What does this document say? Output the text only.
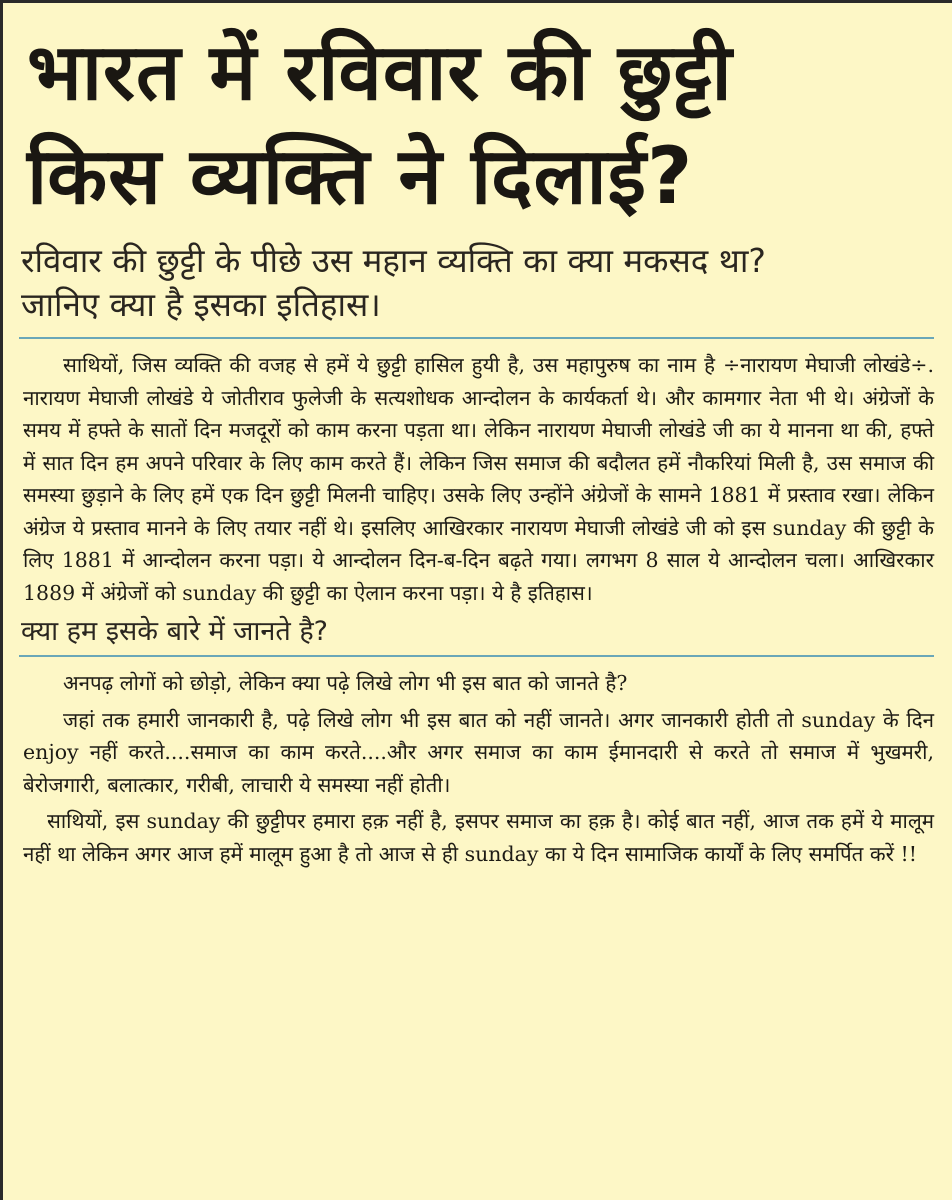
भारत में रविवार की छुट्टी
किस व्यक्ति ने दिलाई?
रविवार की छुट्टी के पीछे उस महान व्यक्ति का क्या मकसद था?
जानिए क्या है इसका इतिहास।

साथियों, जिस व्यक्ति की वजह से हमें ये छुट्टी हासिल हुयी है, उस महापुरुष का नाम है ÷नारायण मेघाजी लोखंडे÷. नारायण मेघाजी लोखंडे ये जोतीराव फुलेजी के सत्यशोधक आन्दोलन के कार्यकर्ता थे। और कामगार नेता भी थे। अंग्रेजों के समय में हफ्ते के सातों दिन मजदूरों को काम करना पड़ता था। लेकिन नारायण मेघाजी लोखंडे जी का ये मानना था की, हफ्ते में सात दिन हम अपने परिवार के लिए काम करते हैं। लेकिन जिस समाज की बदौलत हमें नौकरियां मिली है, उस समाज की समस्या छुड़ाने के लिए हमें एक दिन छुट्टी मिलनी चाहिए। उसके लिए उन्होंने अंग्रेजों के सामने 1881 में प्रस्ताव रखा। लेकिन अंग्रेज ये प्रस्ताव मानने के लिए तयार नहीं थे। इसलिए आखिरकार नारायण मेघाजी लोखंडे जी को इस sunday की छुट्टी के लिए 1881 में आन्दोलन करना पड़ा। ये आन्दोलन दिन-ब-दिन बढ़ते गया। लगभग 8 साल ये आन्दोलन चला। आखिरकार 1889 में अंग्रेजों को sunday की छुट्टी का ऐलान करना पड़ा। ये है इतिहास।

क्या हम इसके बारे में जानते है?

अनपढ़ लोगों को छोड़ो, लेकिन क्या पढ़े लिखे लोग भी इस बात को जानते है?

जहां तक हमारी जानकारी है, पढ़े लिखे लोग भी इस बात को नहीं जानते। अगर जानकारी होती तो sunday के दिन enjoy नहीं करते....समाज का काम करते....और अगर समाज का काम ईमानदारी से करते तो समाज में भुखमरी, बेरोजगारी, बलात्कार, गरीबी, लाचारी ये समस्या नहीं होती।

साथियों, इस sunday की छुट्टीपर हमारा हक़ नहीं है, इसपर समाज का हक़ है। कोई बात नहीं, आज तक हमें ये मालूम नहीं था लेकिन अगर आज हमें मालूम हुआ है तो आज से ही sunday का ये दिन सामाजिक कार्यों के लिए समर्पित करें !!
